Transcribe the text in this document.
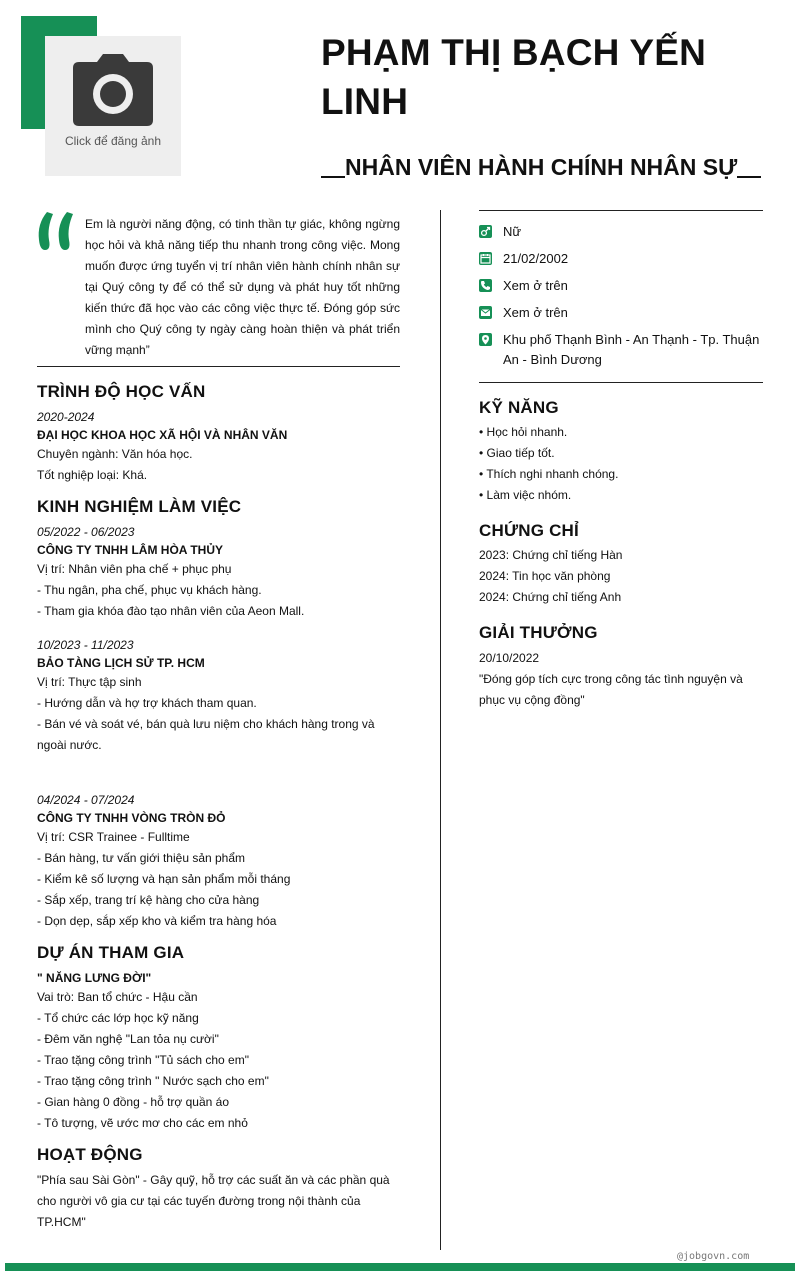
Click để đăng ảnh
PHẠM THỊ BẠCH YẾN LINH
NHÂN VIÊN HÀNH CHÍNH NHÂN SỰ

Em là người năng động, có tinh thần tự giác, không ngừng học hỏi và khả năng tiếp thu nhanh trong công việc. Mong muốn được ứng tuyển vị trí nhân viên hành chính nhân sự tại Quý công ty để có thể sử dụng và phát huy tốt những kiến thức đã học vào các công việc thực tế. Đóng góp sức mình cho Quý công ty ngày càng hoàn thiện và phát triển vững mạnh”

TRÌNH ĐỘ HỌC VẤN

2020-2024

ĐẠI HỌC KHOA HỌC XÃ HỘI VÀ NHÂN VĂN

Chuyên ngành: Văn hóa học.

Tốt nghiệp loại: Khá.

KINH NGHIỆM LÀM VIỆC

05/2022 - 06/2023

CÔNG TY TNHH LÂM HÒA THỦY

Vị trí: Nhân viên pha chế + phục phụ

- Thu ngân, pha chế, phục vụ khách hàng.

- Tham gia khóa đào tạo nhân viên của Aeon Mall.

10/2023 - 11/2023

BẢO TÀNG LỊCH SỬ TP. HCM

Vị trí: Thực tập sinh

- Hướng dẫn và hợ trợ khách tham quan.

- Bán vé và soát vé, bán quà lưu niệm cho khách hàng trong và ngoài nước.

04/2024 - 07/2024

CÔNG TY TNHH VÒNG TRÒN ĐỎ

Vị trí: CSR Trainee - Fulltime

- Bán hàng, tư vấn giới thiệu sản phẩm

- Kiểm kê số lượng và hạn sản phẩm mỗi tháng

- Sắp xếp, trang trí kệ hàng cho cửa hàng

- Dọn dẹp, sắp xếp kho và kiểm tra hàng hóa

DỰ ÁN THAM GIA

" NĂNG LƯNG ĐỜI"

Vai trò: Ban tổ chức - Hậu cần

- Tổ chức các lớp học kỹ năng

- Đêm văn nghệ "Lan tỏa nụ cười"

- Trao tặng công trình "Tủ sách cho em"

- Trao tặng công trình " Nước sạch cho em"

- Gian hàng 0 đồng - hỗ trợ quần áo

- Tô tượng, vẽ ước mơ cho các em nhỏ

HOẠT ĐỘNG

"Phía sau Sài Gòn" - Gây quỹ, hỗ trợ các suất ăn và các phần quà cho người vô gia cư tại các tuyến đường trong nội thành của TP.HCM"

Nữ
21/02/2002
Xem ở trên
Xem ở trên
Khu phố Thạnh Bình - An Thạnh - Tp. Thuận An - Bình Dương
KỸ NĂNG

• Học hỏi nhanh.

• Giao tiếp tốt.

• Thích nghi nhanh chóng.

• Làm việc nhóm.

CHỨNG CHỈ

2023: Chứng chỉ tiếng Hàn

2024: Tin học văn phòng

2024: Chứng chỉ tiếng Anh

GIẢI THƯỞNG

20/10/2022

"Đóng góp tích cực trong công tác tình nguyện và phục vụ cộng đồng"

@jobgovn.com
